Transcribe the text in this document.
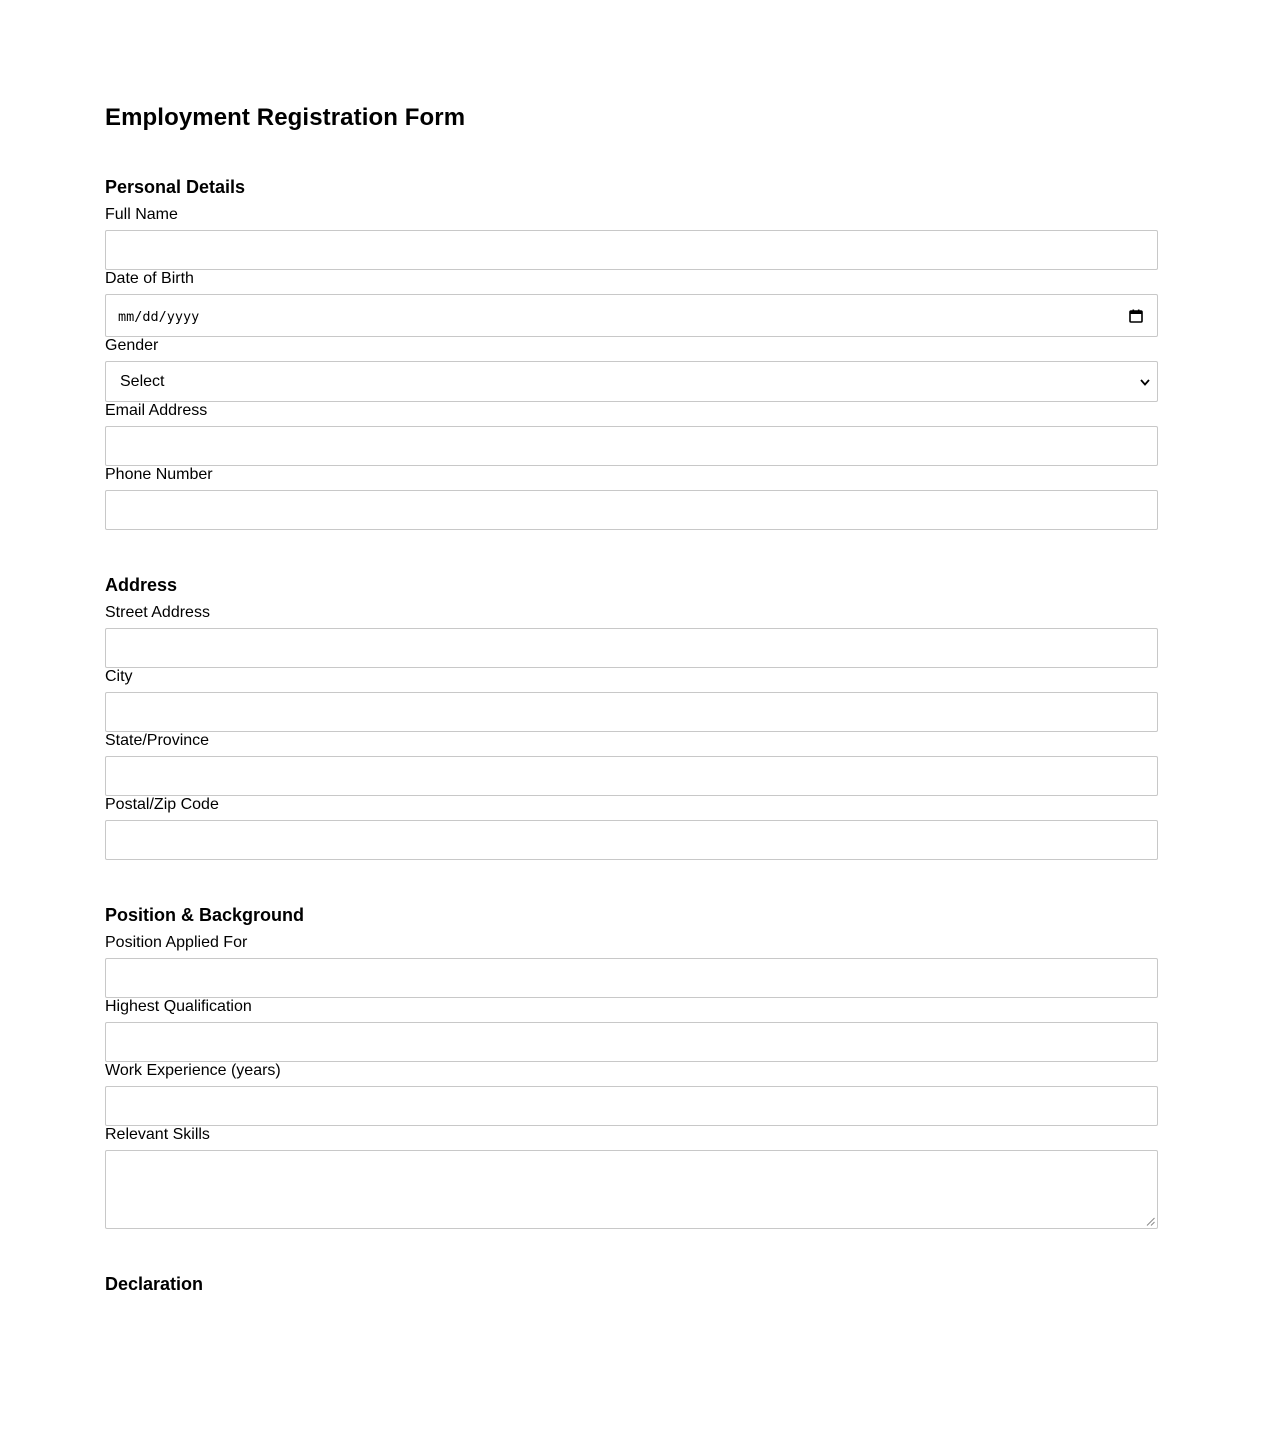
Employment Registration Form
Personal Details
Full Name
Date of Birth
mm/dd/yyyy
Gender
Select
Email Address
Phone Number
Address
Street Address
City
State/Province
Postal/Zip Code
Position & Background
Position Applied For
Highest Qualification
Work Experience (years)
Relevant Skills
Declaration
